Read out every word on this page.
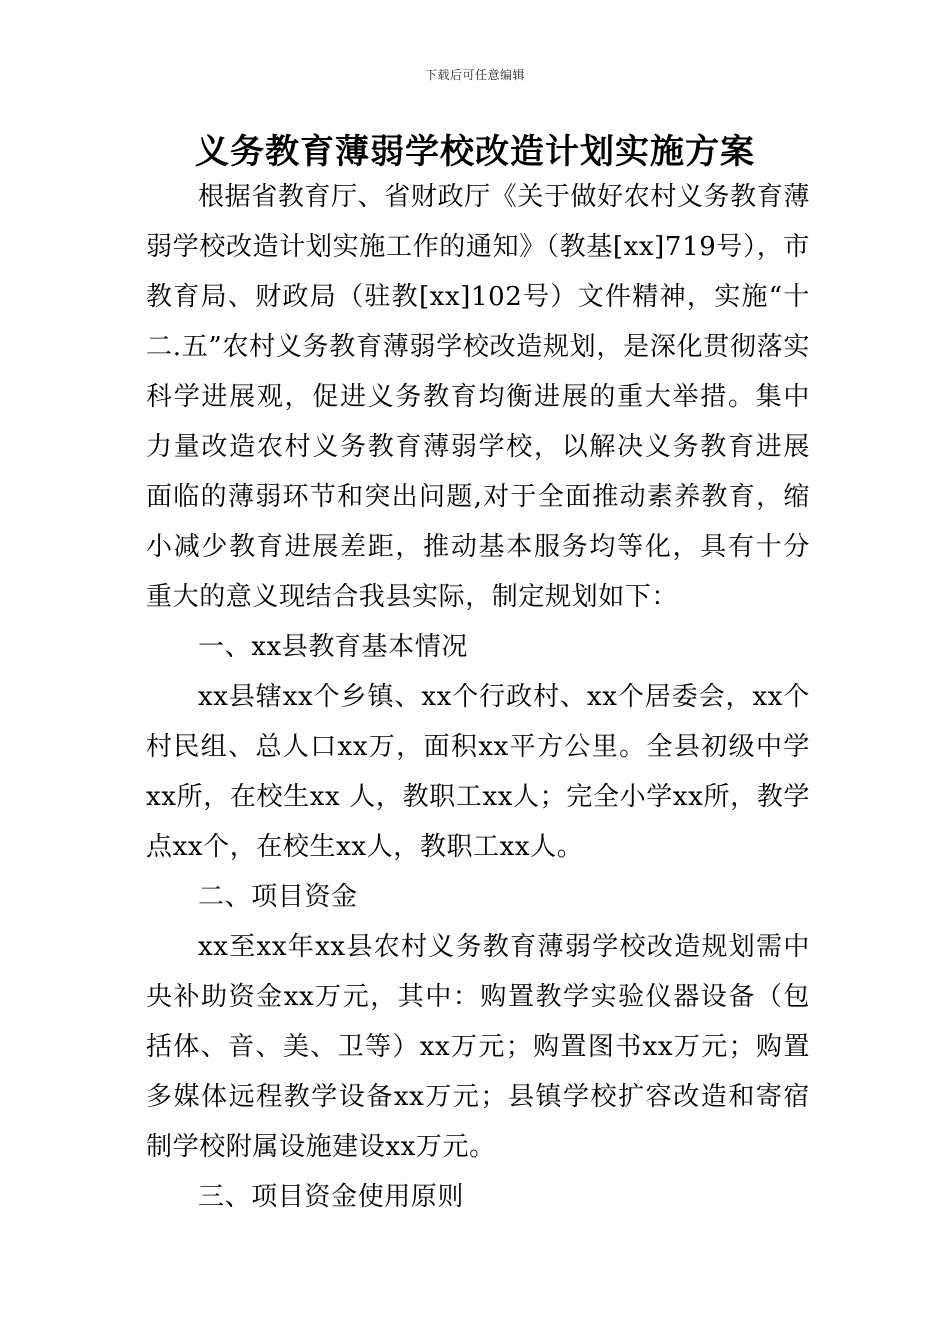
下载后可任意编辑
义务教育薄弱学校改造计划实施方案

根据省教育厅、省财政厅《关于做好农村义务教育薄弱学校改造计划实施工作的通知》（教基[xx]719号），市教育局、财政局（驻教[xx]102号）文件精神，实施“十二.五”农村义务教育薄弱学校改造规划，是深化贯彻落实科学进展观，促进义务教育均衡进展的重大举措。集中力量改造农村义务教育薄弱学校，以解决义务教育进展面临的薄弱环节和突出问题,对于全面推动素养教育，缩小减少教育进展差距，推动基本服务均等化，具有十分重大的意义现结合我县实际，制定规划如下：

一、xx县教育基本情况

xx县辖xx个乡镇、xx个行政村、xx个居委会，xx个村民组、总人口xx万，面积xx平方公里。全县初级中学xx所，在校生xx 人，教职工xx人；完全小学xx所，教学点xx个，在校生xx人，教职工xx人。

二、项目资金

xx至xx年xx县农村义务教育薄弱学校改造规划需中央补助资金xx万元，其中：购置教学实验仪器设备（包括体、音、美、卫等）xx万元；购置图书xx万元；购置多媒体远程教学设备xx万元；县镇学校扩容改造和寄宿制学校附属设施建设xx万元。

三、项目资金使用原则
